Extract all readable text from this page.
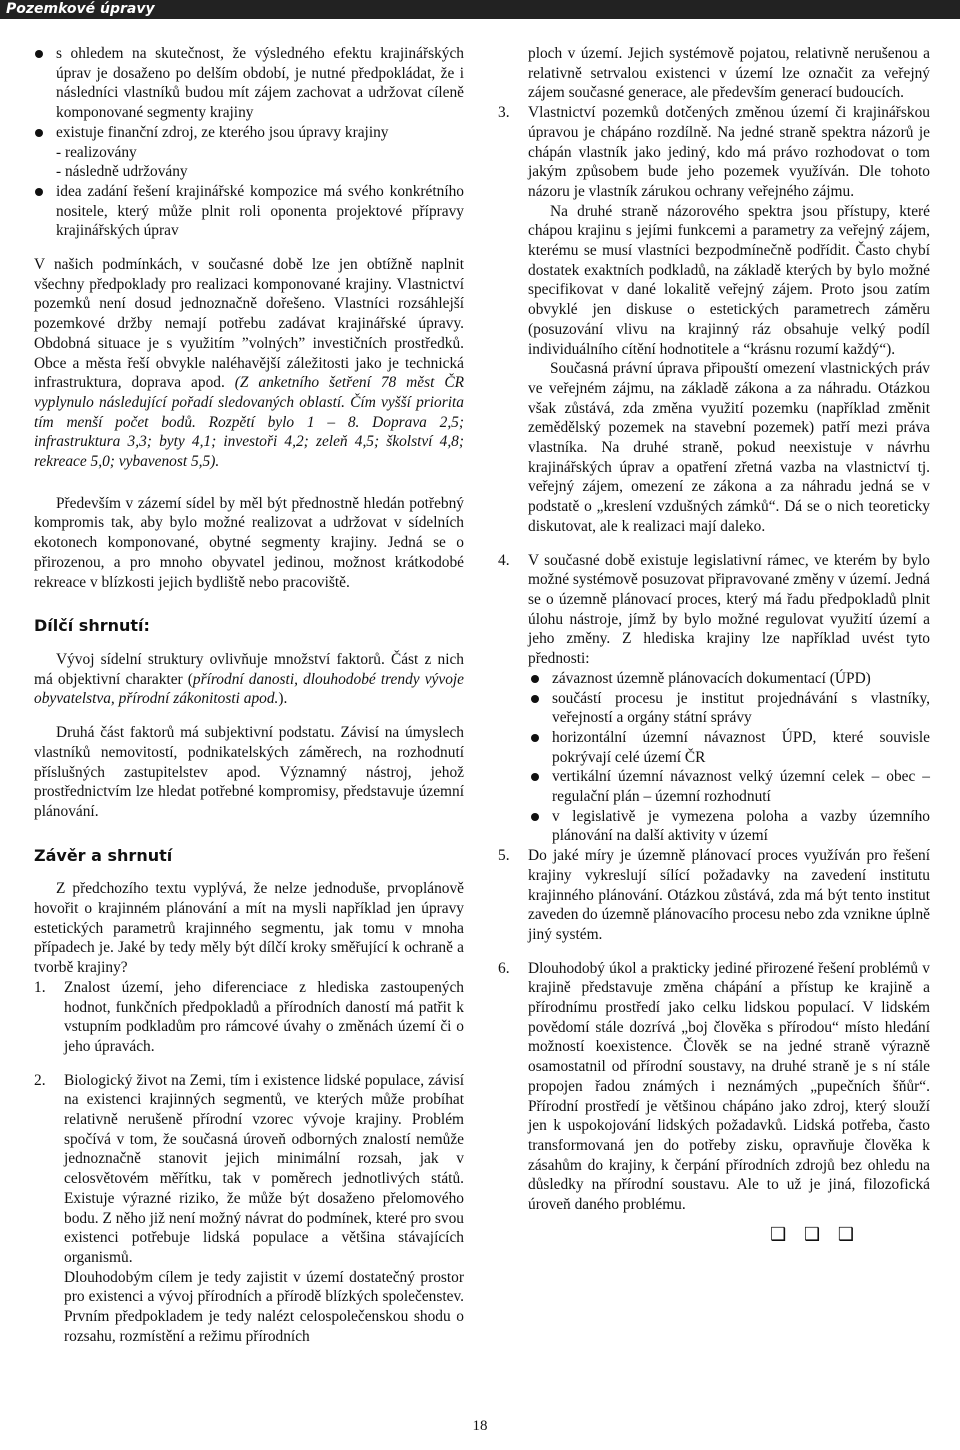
Pozemkové úpravy
s ohledem na skutečnost, že výsledného efektu krajinářských úprav je dosaženo po delším období, je nutné předpokládat, že i následníci vlastníků budou mít zájem zachovat a udržovat cíleně komponované segmenty krajiny
existuje finanční zdroj, ze kterého jsou úpravy krajiny
- realizovány
- následně udržovány
idea zadání řešení krajinářské kompozice má svého konkrétního nositele, který může plnit roli oponenta projektové přípravy krajinářských úprav

V našich podmínkách, v současné době lze jen obtížně naplnit všechny předpoklady pro realizaci komponované krajiny. Vlastnictví pozemků není dosud jednoznačně dořešeno. Vlastníci rozsáhlejší pozemkové držby nemají potřebu zadávat krajinářské úpravy. Obdobná situace je s využitím ”volných” investičních prostředků. Obce a města řeší obvykle naléhavější záležitosti jako je technická infrastruktura, doprava apod. (Z anketního šetření 78 měst ČR vyplynulo následující pořadí sledovaných oblastí. Čím vyšší priorita tím menší počet bodů. Rozpětí bylo 1 – 8. Doprava 2,5; infrastruktura 3,3; byty 4,1; investoři 4,2; zeleň 4,5; školství 4,8; rekreace 5,0; vybavenost 5,5).

Především v zázemí sídel by měl být přednostně hledán potřebný kompromis tak, aby bylo možné realizovat a udržovat v sídelních ekotonech komponované, obytné segmenty krajiny. Jedná se o přirozenou, a pro mnoho obyvatel jedinou, možnost krátkodobé rekreace v blízkosti jejich bydliště nebo pracoviště.

Dílčí shrnutí:

Vývoj sídelní struktury ovlivňuje množství faktorů. Část z nich má objektivní charakter (přírodní danosti, dlouhodobé trendy vývoje obyvatelstva, přírodní zákonitosti apod.).

Druhá část faktorů má subjektivní podstatu. Závisí na úmyslech vlastníků nemovitostí, podnikatelských záměrech, na rozhodnutí příslušných zastupitelstev apod. Významný nástroj, jehož prostřednictvím lze hledat potřebné kompromisy, představuje územní plánování.

Závěr a shrnutí

Z předchozího textu vyplývá, že nelze jednoduše, prvoplánově hovořit o krajinném plánování a mít na mysli například jen úpravy estetických parametrů krajinného segmentu, jak tomu v mnoha případech je. Jaké by tedy měly být dílčí kroky směřující k ochraně a tvorbě krajiny?

1. Znalost území, jeho diferenciace z hlediska zastoupených hodnot, funkčních předpokladů a přírodních daností má patřit k vstupním podkladům pro rámcové úvahy o změnách území či o jeho úpravách.

2. Biologický život na Zemi, tím i existence lidské populace, závisí na existenci krajinných segmentů, ve kterých může probíhat relativně nerušeně přírodní vzorec vývoje krajiny. Problém spočívá v tom, že současná úroveň odborných znalostí nemůže jednoznačně stanovit jejich minimální rozsah, jak v celosvětovém měřítku, tak v poměrech jednotlivých států. Existuje výrazné riziko, že může být dosaženo přelomového bodu. Z něho již není možný návrat do podmínek, které pro svou existenci potřebuje lidská populace a většina stávajících organismů.

Dlouhodobým cílem je tedy zajistit v území dostatečný prostor pro existenci a vývoj přírodních a přírodě blízkých společenstev. Prvním předpokladem je tedy nalézt celospolečenskou shodu o rozsahu, rozmístění a režimu přírodních

ploch v území. Jejich systémově pojatou, relativně nerušenou a relativně setrvalou existenci v území lze označit za veřejný zájem současné generace, ale především generací budoucích.

3. Vlastnictví pozemků dotčených změnou území či krajinářskou úpravou je chápáno rozdílně. Na jedné straně spektra názorů je chápán vlastník jako jediný, kdo má právo rozhodovat o tom jakým způsobem bude jeho pozemek využíván. Dle tohoto názoru je vlastník zárukou ochrany veřejného zájmu.

Na druhé straně názorového spektra jsou přístupy, které chápou krajinu s jejími funkcemi a parametry za veřejný zájem, kterému se musí vlastníci bezpodmínečně podřídit. Často chybí dostatek exaktních podkladů, na základě kterých by bylo možné specifikovat v dané lokalitě veřejný zájem. Proto jsou zatím obvyklé jen diskuse o estetických parametrech záměru (posuzování vlivu na krajinný ráz obsahuje velký podíl individuálního cítění hodnotitele a “krásnu rozumí každý“).

Současná právní úprava připouští omezení vlastnických práv ve veřejném zájmu, na základě zákona a za náhradu. Otázkou však zůstává, zda změna využití pozemku (například změnit zemědělský pozemek na stavební pozemek) patří mezi práva vlastníka. Na druhé straně, pokud neexistuje v návrhu krajinářských úprav a opatření zřetná vazba na vlastnictví tj. veřejný zájem, omezení ze zákona a za náhradu jedná se v podstatě o „kreslení vzdušných zámků“. Dá se o nich teoreticky diskutovat, ale k realizaci mají daleko.

4. V současné době existuje legislativní rámec, ve kterém by bylo možné systémově posuzovat připravované změny v území. Jedná se o územně plánovací proces, který má řadu předpokladů plnit úlohu nástroje, jímž by bylo možné regulovat využití území a jeho změny. Z hlediska krajiny lze například uvést tyto přednosti:

závaznost územně plánovacích dokumentací (ÚPD)
součástí procesu je institut projednávání s vlastníky, veřejností a orgány státní správy
horizontální územní návaznost ÚPD, které souvisle pokrývají celé území ČR
vertikální územní návaznost velký územní celek – obec – regulační plán – územní rozhodnutí
v legislativě je vymezena poloha a vazby územního plánování na další aktivity v území
5. Do jaké míry je územně plánovací proces využíván pro řešení krajiny vykreslují sílící požadavky na zavedení institutu krajinného plánování. Otázkou zůstává, zda má být tento institut zaveden do územně plánovacího procesu nebo zda vznikne úplně jiný systém.

6. Dlouhodobý úkol a prakticky jediné přirozené řešení problémů v krajině představuje změna chápání a přístup ke krajině a přírodnímu prostředí jako celku lidskou populací. V lidském povědomí stále dozrívá „boj člověka s přírodou“ místo hledání možností koexistence. Člověk se na jedné straně výrazně osamostatnil od přírodní soustavy, na druhé straně je s ní stále propojen řadou známých i neznámých „pupečních šňůr“. Přírodní prostředí je většinou chápáno jako zdroj, který slouží jen k uspokojování lidských požadavků. Lidská potřeba, často transformovaná jen do potřeby zisku, opravňuje člověka k zásahům do krajiny, k čerpání přírodních zdrojů bez ohledu na důsledky na přírodní soustavu. Ale to už je jiná, filozofická úroveň daného problému.

❑ ❑ ❑
18
